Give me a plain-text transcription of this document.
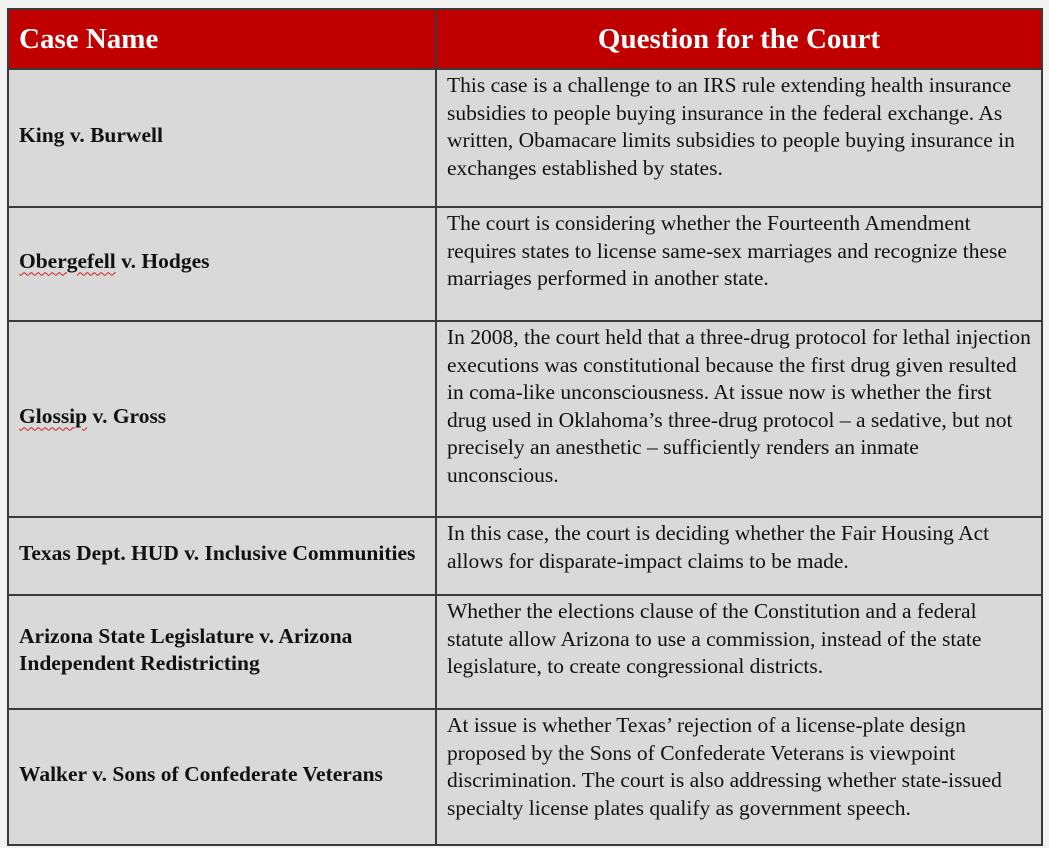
Case Name	Question for the Court
King v. Burwell	This case is a challenge to an IRS rule extending health insurance subsidies to people buying insurance in the federal exchange. As written, Obamacare limits subsidies to people buying insurance in exchanges established by states.
Obergefell v. Hodges	The court is considering whether the Fourteenth Amendment requires states to license same-sex marriages and recognize these marriages performed in another state.
Glossip v. Gross	In 2008, the court held that a three-drug protocol for lethal injection executions was constitutional because the first drug given resulted in coma-like unconsciousness. At issue now is whether the first drug used in Oklahoma’s three-drug protocol – a sedative, but not precisely an anesthetic – sufficiently renders an inmate unconscious.
Texas Dept. HUD v. Inclusive Communities	In this case, the court is deciding whether the Fair Housing Act allows for disparate-impact claims to be made.
Arizona State Legislature v. Arizona Independent Redistricting	Whether the elections clause of the Constitution and a federal statute allow Arizona to use a commission, instead of the state legislature, to create congressional districts.
Walker v. Sons of Confederate Veterans	At issue is whether Texas’ rejection of a license-plate design proposed by the Sons of Confederate Veterans is viewpoint discrimination. The court is also addressing whether state-issued specialty license plates qualify as government speech.
